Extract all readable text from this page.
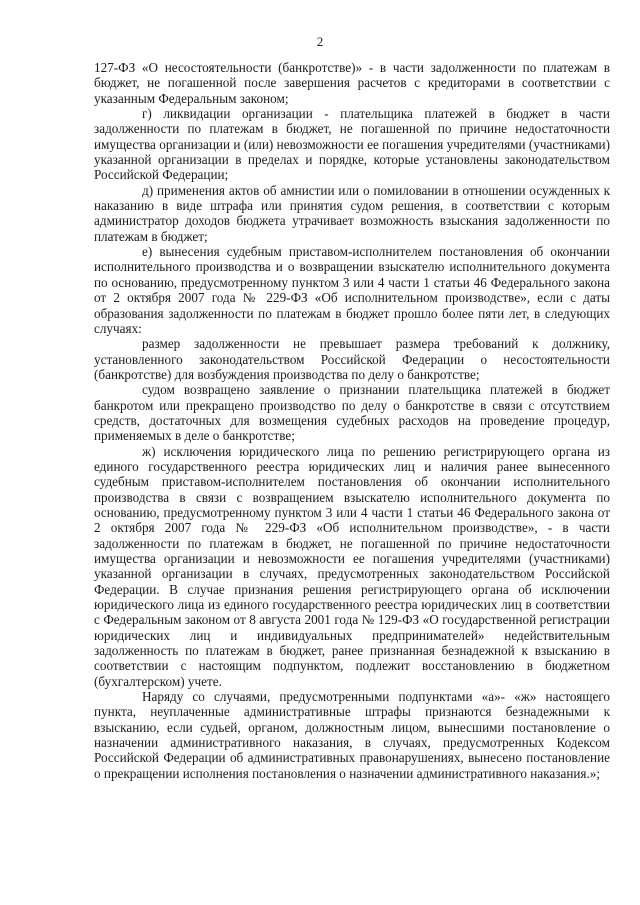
2

127-ФЗ «О несостоятельности (банкротстве)» - в части задолженности по платежам в бюджет, не погашенной после завершения расчетов с кредиторами в соответствии с указанным Федеральным законом;

г) ликвидации организации - плательщика платежей в бюджет в части задолженности по платежам в бюджет, не погашенной по причине недостаточности имущества организации и (или) невозможности ее погашения учредителями (участниками) указанной организации в пределах и порядке, которые установлены законодательством Российской Федерации;

д) применения актов об амнистии или о помиловании в отношении осужденных к наказанию в виде штрафа или принятия судом решения, в соответствии с которым администратор доходов бюджета утрачивает возможность взыскания задолженности по платежам в бюджет;

е) вынесения судебным приставом-исполнителем постановления об окончании исполнительного производства и о возвращении взыскателю исполнительного документа по основанию, предусмотренному пунктом 3 или 4 части 1 статьи 46 Федерального закона от 2 октября 2007 года № 229-ФЗ «Об исполнительном производстве», если с даты образования задолженности по платежам в бюджет прошло более пяти лет, в следующих случаях:

размер задолженности не превышает размера требований к должнику, установленного законодательством Российской Федерации о несостоятельности (банкротстве) для возбуждения производства по делу о банкротстве;

судом возвращено заявление о признании плательщика платежей в бюджет банкротом или прекращено производство по делу о банкротстве в связи с отсутствием средств, достаточных для возмещения судебных расходов на проведение процедур, применяемых в деле о банкротстве;

ж) исключения юридического лица по решению регистрирующего органа из единого государственного реестра юридических лиц и наличия ранее вынесенного судебным приставом-исполнителем постановления об окончании исполнительного производства в связи с возвращением взыскателю исполнительного документа по основанию, предусмотренному пунктом 3 или 4 части 1 статьи 46 Федерального закона от 2 октября 2007 года № 229-ФЗ «Об исполнительном производстве», - в части задолженности по платежам в бюджет, не погашенной по причине недостаточности имущества организации и невозможности ее погашения учредителями (участниками) указанной организации в случаях, предусмотренных законодательством Российской Федерации. В случае признания решения регистрирующего органа об исключении юридического лица из единого государственного реестра юридических лиц в соответствии с Федеральным законом от 8 августа 2001 года № 129-ФЗ «О государственной регистрации юридических лиц и индивидуальных предпринимателей» недействительным задолженность по платежам в бюджет, ранее признанная безнадежной к взысканию в соответствии с настоящим подпунктом, подлежит восстановлению в бюджетном (бухгалтерском) учете.

Наряду со случаями, предусмотренными подпунктами «а»- «ж» настоящего пункта, неуплаченные административные штрафы признаются безнадежными к взысканию, если судьей, органом, должностным лицом, вынесшими постановление о назначении административного наказания, в случаях, предусмотренных Кодексом Российской Федерации об административных правонарушениях, вынесено постановление о прекращении исполнения постановления о назначении административного наказания.»;
